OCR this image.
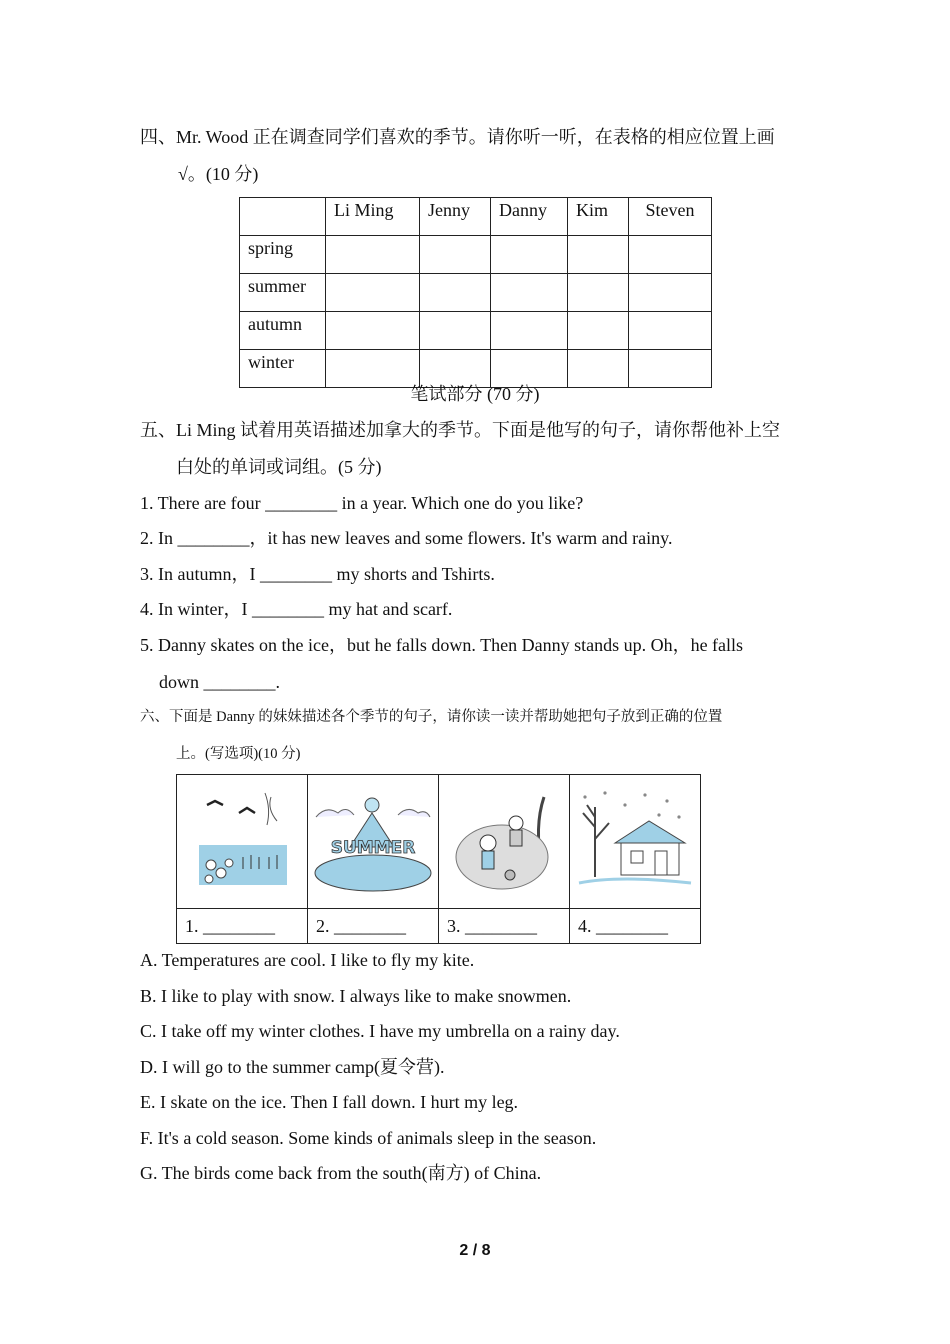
四、Mr. Wood 正在调查同学们喜欢的季节。请你听一听，在表格的相应位置上画
√。(10 分)
	Li Ming	Jenny	Danny	Kim	Steven
spring					
summer					
autumn					
winter					
笔试部分 (70 分)
五、Li Ming 试着用英语描述加拿大的季节。下面是他写的句子，请你帮他补上空
白处的单词或词组。(5 分)
1. There are four ________ in a year. Which one do you like?
2. In ________，it has new leaves and some flowers. It's warm and rainy.
3. In autumn，I ________ my shorts and Tshirts.
4. In winter，I ________ my hat and scarf.
5. Danny skates on the ice，but he falls down. Then Danny stands up. Oh，he falls
down ________.
六、下面是 Danny 的妹妹描述各个季节的句子，请你读一读并帮助她把句子放到正确的位置
上。(写选项)(10 分)

SUMMER

1. ________	2. ________	3. ________	4. ________
A. Temperatures are cool. I like to fly my kite.
B. I like to play with snow. I always like to make snowmen.
C. I take off my winter clothes. I have my umbrella on a rainy day.
D. I will go to the summer camp(夏令营).
E. I skate on the ice. Then I fall down. I hurt my leg.
F. It's a cold season. Some kinds of animals sleep in the season.
G. The birds come back from the south(南方) of China.
2 / 8
